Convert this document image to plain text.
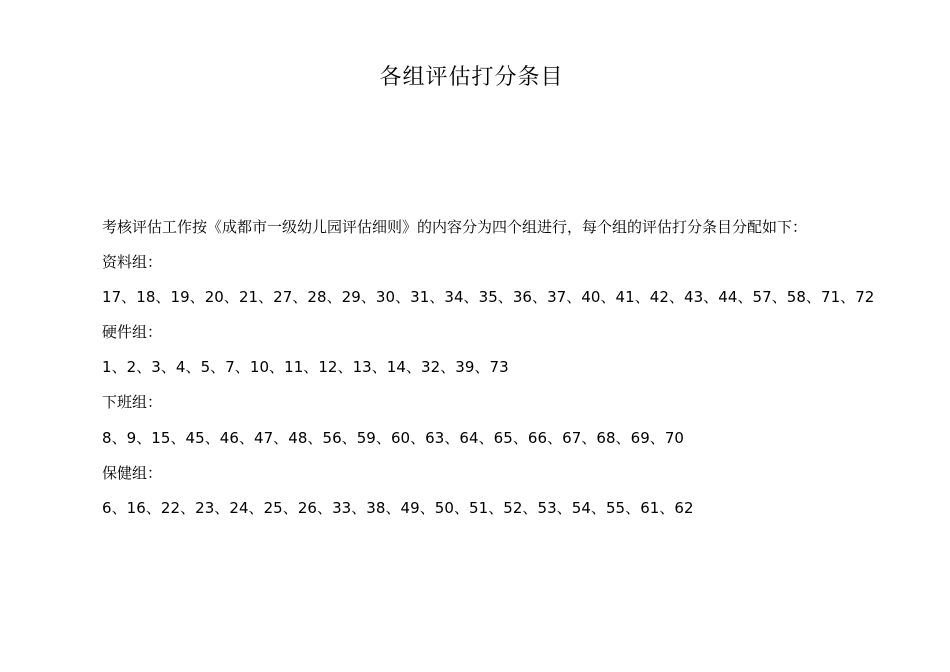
各组评估打分条目

考核评估工作按《成都市一级幼儿园评估细则》的内容分为四个组进行，每个组的评估打分条目分配如下：

资料组：

17、18、19、20、21、27、28、29、30、31、34、35、36、37、40、41、42、43、44、57、58、71、72

硬件组：

1、2、3、4、5、7、10、11、12、13、14、32、39、73

下班组：

8、9、15、45、46、47、48、56、59、60、63、64、65、66、67、68、69、70

保健组：

6、16、22、23、24、25、26、33、38、49、50、51、52、53、54、55、61、62
